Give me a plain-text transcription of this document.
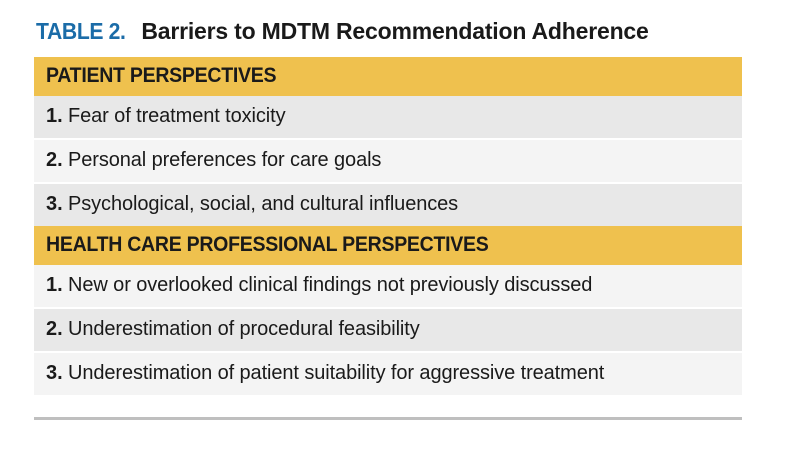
TABLE 2. Barriers to MDTM Recommendation Adherence
PATIENT PERSPECTIVES
1. Fear of treatment toxicity
2. Personal preferences for care goals
3. Psychological, social, and cultural influences
HEALTH CARE PROFESSIONAL PERSPECTIVES
1. New or overlooked clinical findings not previously discussed
2. Underestimation of procedural feasibility
3. Underestimation of patient suitability for aggressive treatment
